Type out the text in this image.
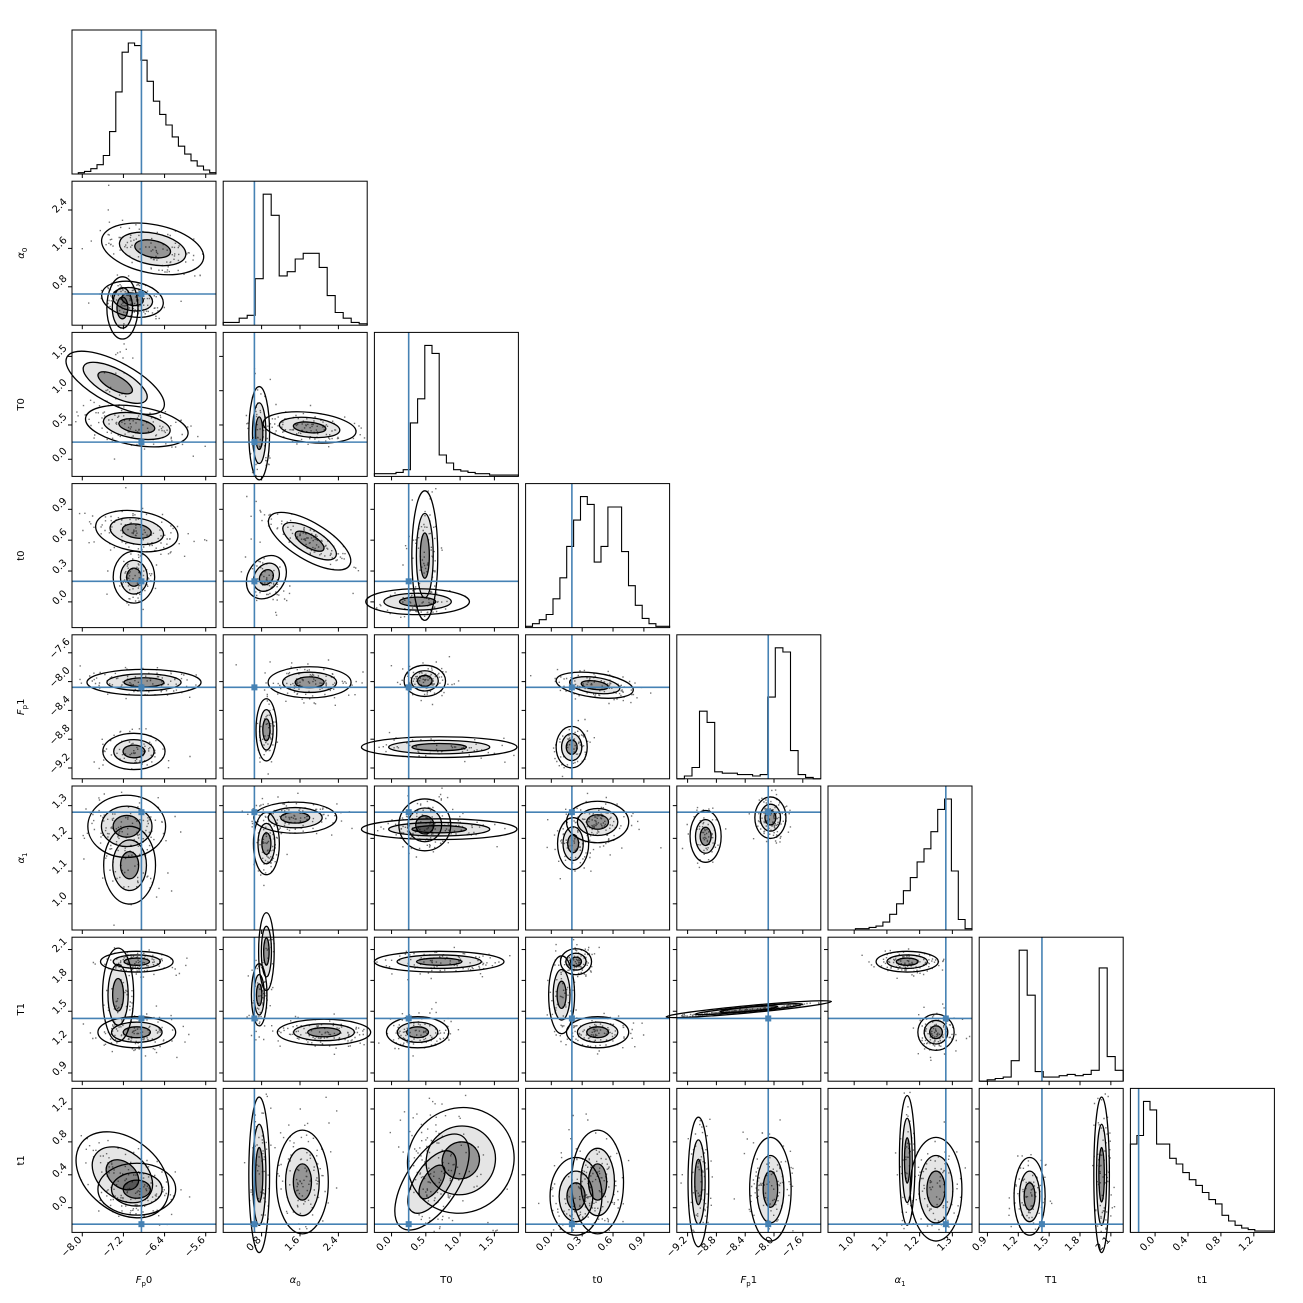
0.8
1.6
2.4
0.0
0.5
1.0
1.5
0.0
0.3
0.6
0.9
−9.2
−8.8
−8.4
−8.0
−7.6
1.0
1.1
1.2
1.3
0.9
1.2
1.5
1.8
2.1
−8.0 −7.2 −6.4 −5.6
0.0
0.4
0.8
1.2
0.8 1.6 2.4	0.0 0.5 1.0 1.5	0.0 0.3 0.6 0.9 −9.2 −8.8 −8.4 −8.0 −7.6	1.0 1.1 1.2 1.3 0.9 1.2 1.5 1.8 2.1	0.0 0.4 0.8 1.2
$F_p0$	$\alpha_0$
$\alpha_0$
T0
T0
t0
t0
$F_p1$
$F_p1$
$\alpha_1$
$\alpha_1$
T1
T1
t1
t1
